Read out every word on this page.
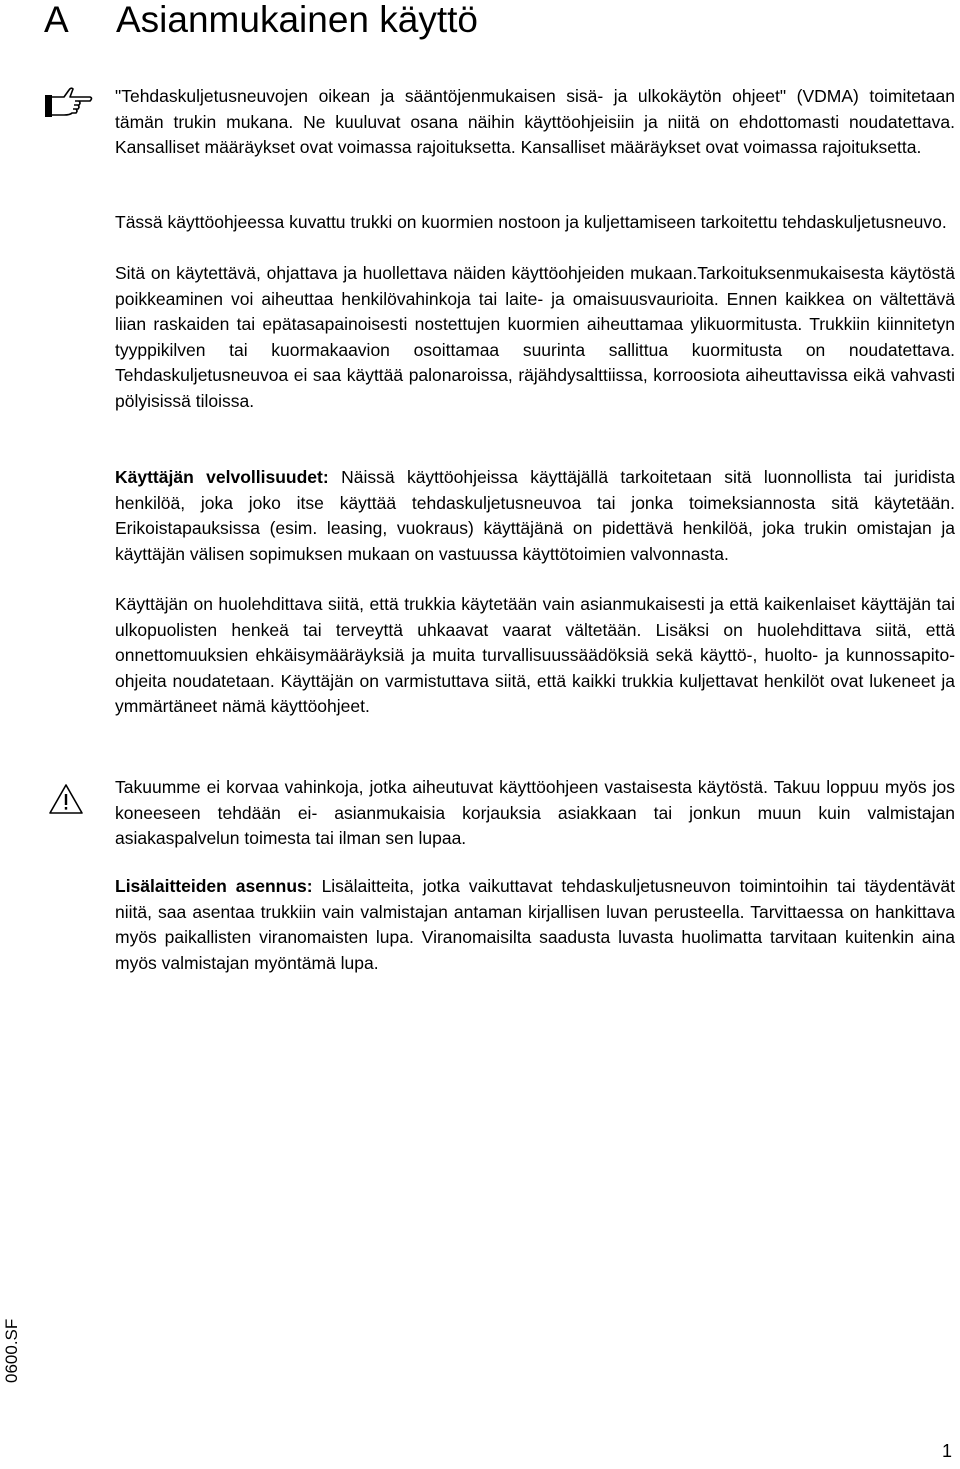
A Asianmukainen käyttö

"Tehdaskuljetusneuvojen oikean ja sääntöjenmukaisen sisä- ja ulkokäytön ohjeet" (VDMA) toimitetaan tämän trukin mukana. Ne kuuluvat osana näihin käyttöohjeisiin ja niitä on ehdottomasti noudatettava. Kansalliset määräykset ovat voimassa rajoituksetta. Kansalliset määräykset ovat voimassa rajoituksetta.

Tässä käyttöohjeessa kuvattu trukki on kuormien nostoon ja kuljettamiseen tarkoitettu tehdaskuljetusneuvo.

Sitä on käytettävä, ohjattava ja huollettava näiden käyttöohjeiden mukaan.Tarkoituksenmukaisesta käytöstä poikkeaminen voi aiheuttaa henkilövahinkoja tai laite- ja omaisuusvaurioita. Ennen kaikkea on vältettävä liian raskaiden tai epätasapainoisesti nostettujen kuormien aiheuttamaa ylikuormitusta. Trukkiin kiinnitetyn tyyppikilven tai kuormakaavion osoittamaa suurinta sallittua kuormitusta on noudatettava. Tehdaskuljetusneuvoa ei saa käyttää palonaroissa, räjähdysalttiissa, korroosiota aiheuttavissa eikä vahvasti pölyisissä tiloissa.

Käyttäjän velvollisuudet: Näissä käyttöohjeissa käyttäjällä tarkoitetaan sitä luonnollista tai juridista henkilöä, joka joko itse käyttää tehdaskuljetusneuvoa tai jonka toimeksiannosta sitä käytetään. Erikoistapauksissa (esim. leasing, vuokraus) käyttäjänä on pidettävä henkilöä, joka trukin omistajan ja käyttäjän välisen sopimuksen mukaan on vastuussa käyttötoimien valvonnasta.

Käyttäjän on huolehdittava siitä, että trukkia käytetään vain asianmukaisesti ja että kaikenlaiset käyttäjän tai ulkopuolisten henkeä tai terveyttä uhkaavat vaarat vältetään. Lisäksi on huolehdittava siitä, että onnettomuuksien ehkäisymääräyksiä ja muita turvallisuussäädöksiä sekä käyttö-, huolto- ja kunnossapito-ohjeita noudatetaan. Käyttäjän on varmistuttava siitä, että kaikki trukkia kuljettavat henkilöt ovat lukeneet ja ymmärtäneet nämä käyttöohjeet.

Takuumme ei korvaa vahinkoja, jotka aiheutuvat käyttöohjeen vastaisesta käytöstä. Takuu loppuu myös jos koneeseen tehdään ei- asianmukaisia korjauksia asiakkaan tai jonkun muun kuin valmistajan asiakaspalvelun toimesta tai ilman sen lupaa.

Lisälaitteiden asennus: Lisälaitteita, jotka vaikuttavat tehdaskuljetusneuvon toimintoihin tai täydentävät niitä, saa asentaa trukkiin vain valmistajan antaman kirjallisen luvan perusteella. Tarvittaessa on hankittava myös paikallisten viranomaisten lupa. Viranomaisilta saadusta luvasta huolimatta tarvitaan kuitenkin aina myös valmistajan myöntämä lupa.

0600.SF
1
